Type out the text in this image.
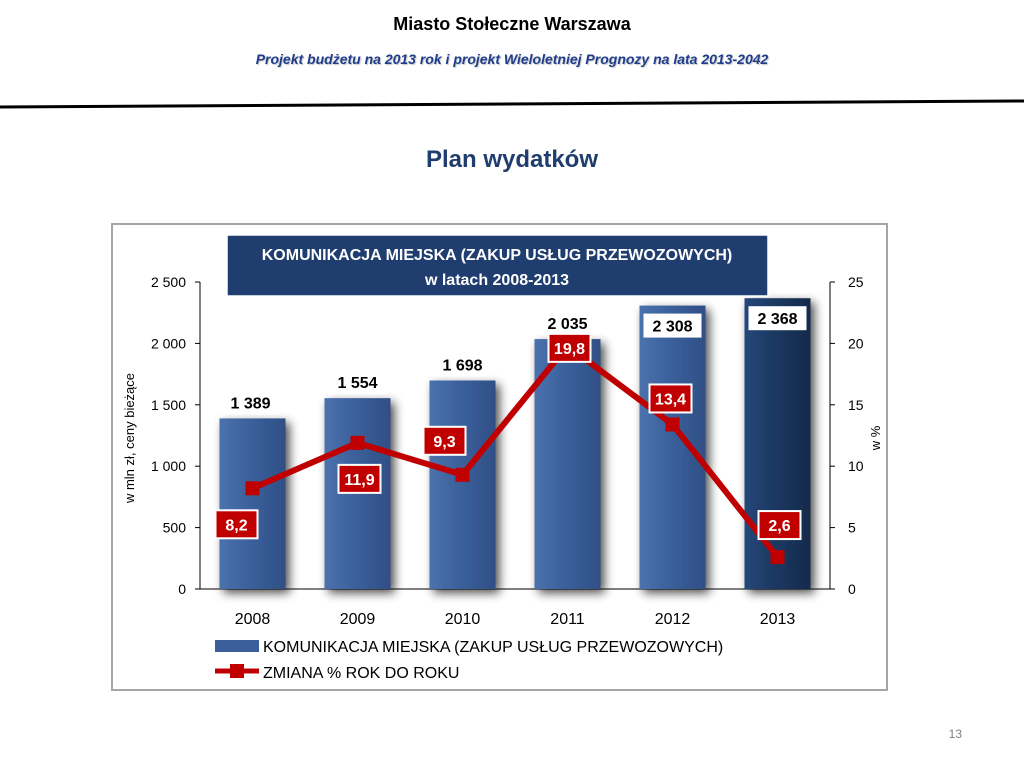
Miasto Stołeczne Warszawa
Projekt budżetu na 2013 rok i projekt Wieloletniej Prognozy na lata 2013-2042
Plan wydatków
13
0
500
1 000
1 500
2 000
2 500
0
5
10
15
20
25
w mln zł, ceny bieżące	w %
2008	2009	2010	2011	2012	2013
1 389
1 554
1 698
2 035	2 308	2 368
8,2
11,9
9,3
19,8
13,4
2,6
KOMUNIKACJA MIEJSKA (ZAKUP USŁUG PRZEWOZOWYCH)
w latach 2008-2013
KOMUNIKACJA MIEJSKA (ZAKUP USŁUG PRZEWOZOWYCH)
ZMIANA % ROK DO ROKU
